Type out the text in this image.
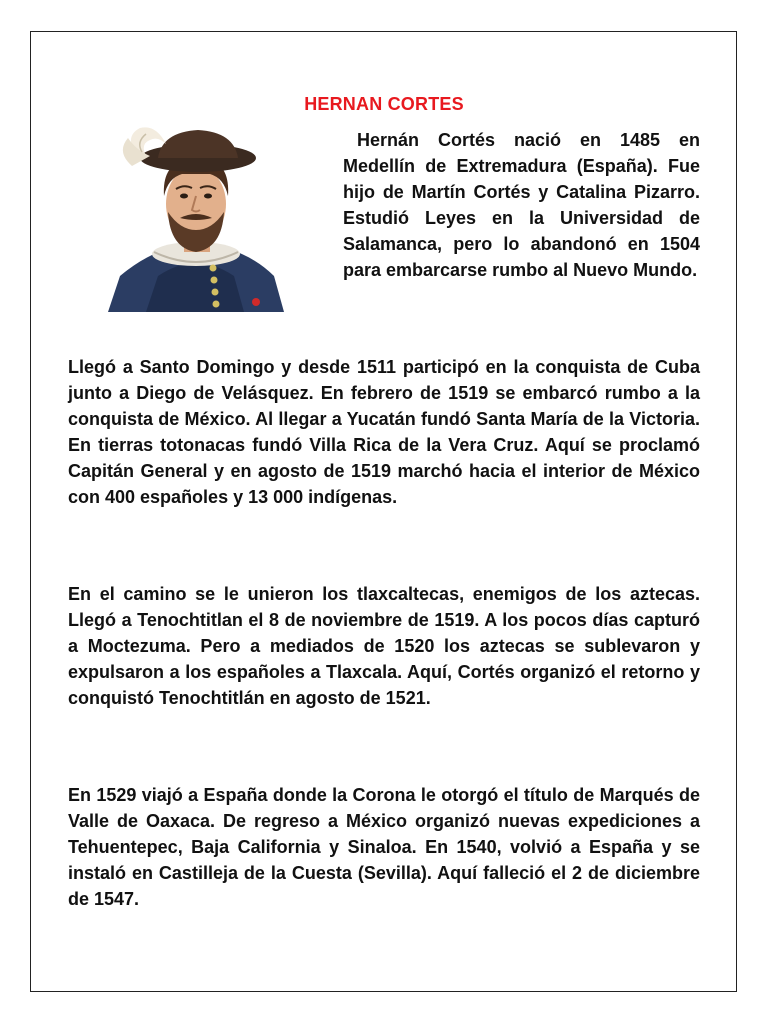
HERNAN CORTES

Hernán Cortés nació en 1485 en Medellín de Extremadura (España). Fue hijo de Martín Cortés y Catalina Pizarro. Estudió Leyes en la Universidad de Salamanca, pero lo abandonó en 1504 para embarcarse rumbo al Nuevo Mundo.

Llegó a Santo Domingo y desde 1511 participó en la conquista de Cuba junto a Diego de Velásquez. En febrero de 1519 se embarcó rumbo a la conquista de México. Al llegar a Yucatán fundó Santa María de la Victoria. En tierras totonacas fundó Villa Rica de la Vera Cruz. Aquí se proclamó Capitán General y en agosto de 1519 marchó hacia el interior de México con 400 españoles y 13 000 indígenas.

En el camino se le unieron los tlaxcaltecas, enemigos de los aztecas. Llegó a Tenochtitlan el 8 de noviembre de 1519. A los pocos días capturó a Moctezuma. Pero a mediados de 1520 los aztecas se sublevaron y expulsaron a los españoles a Tlaxcala. Aquí, Cortés organizó el retorno y conquistó Tenochtitlán en agosto de 1521.

En 1529 viajó a España donde la Corona le otorgó el título de Marqués de Valle de Oaxaca. De regreso a México organizó nuevas expediciones a Tehuentepec, Baja California y Sinaloa. En 1540, volvió a España y se instaló en Castilleja de la Cuesta (Sevilla). Aquí falleció el 2 de diciembre de 1547.
